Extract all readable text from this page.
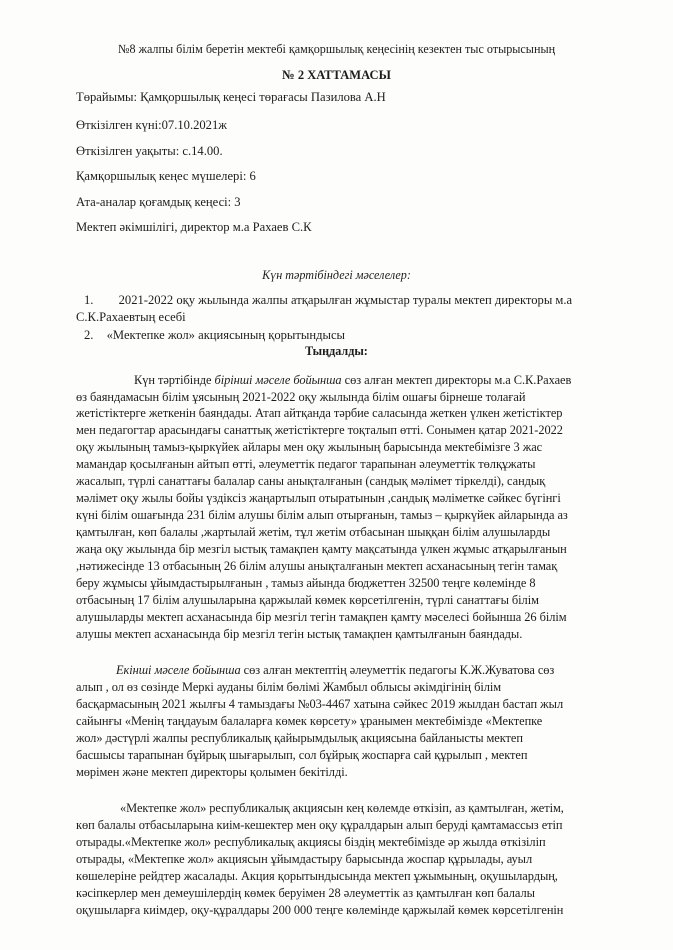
№8 жалпы білім беретін мектебі қамқоршылық кеңесінің кезектен тыс отырысының
№ 2 ХАТТАМАСЫ
Төрайымы: Қамқоршылық кеңесі төрағасы Пазилова А.Н
Өткізілген күні:07.10.2021ж
Өткізілген уақыты: с.14.00.
Қамқоршылық кеңес мүшелері: 6
Ата-аналар қоғамдық кеңесі: 3
Мектеп әкімшілігі, директор м.а Рахаев С.К
Күн тәртібіндегі мәселелер:
1. 2021-2022 оқу жылында жалпы атқарылған жұмыстар туралы мектеп директоры м.а
С.К.Рахаевтың есебі
2. «Мектепке жол» акциясының қорытындысы
Тыңдалды:
Күн тәртібінде бірінші мәселе бойынша сөз алған мектеп директоры м.а С.К.Рахаев
өз баяндамасын білім ұясының 2021-2022 оқу жылында білім ошағы бірнеше толағай
жетістіктерге жеткенін баяндады. Атап айтқанда тәрбие саласында жеткен үлкен жетістіктер
мен педагогтар арасындағы санаттық жетістіктерге тоқталып өтті. Сонымен қатар 2021-2022
оқу жылының тамыз-қыркүйек айлары мен оқу жылының барысында мектебімізге 3 жас
мамандар қосылғанын айтып өтті, әлеуметтік педагог тарапынан әлеуметтік төлқұжаты
жасалып, түрлі санаттағы балалар саны анықталғанын (сандық мәлімет тіркелді), сандық
мәлімет оқу жылы бойы үздіксіз жаңартылып отыратынын ,сандық мәліметке сәйкес бүгінгі
күні білім ошағында 231 білім алушы білім алып отырғанын, тамыз – қыркүйек айларында аз
қамтылған, көп балалы ,жартылай жетім, тұл жетім отбасынан шыққан білім алушыларды
жаңа оқу жылында бір мезгіл ыстық тамақпен қамту мақсатында үлкен жұмыс атқарылғанын
,нәтижесінде 13 отбасының 26 білім алушы анықталғанын мектеп асханасының тегін тамақ
беру жұмысы ұйымдастырылғанын , тамыз айында бюджеттен 32500 теңге көлемінде 8
отбасының 17 білім алушыларына қаржылай көмек көрсетілгенін, түрлі санаттағы білім
алушыларды мектеп асханасында бір мезгіл тегін тамақпен қамту мәселесі бойынша 26 білім
алушы мектеп асханасында бір мезгіл тегін ыстық тамақпен қамтылғанын баяндады.
Екінші мәселе бойынша сөз алған мектептің әлеуметтік педагогы К.Ж.Жуватова сөз
алып , ол өз сөзінде Меркі ауданы білім бөлімі Жамбыл облысы әкімдігінің білім
басқармасының 2021 жылғы 4 тамыздағы №03-4467 хатына сәйкес 2019 жылдан бастап жыл
сайынғы «Менің таңдауым балаларға көмек көрсету» ұранымен мектебімізде «Мектепке
жол» дәстүрлі жалпы республикалық қайырымдылық акциясына байланысты мектеп
басшысы тарапынан бұйрық шығарылып, сол бұйрық жоспарға сай құрылып , мектеп
мөрімен және мектеп директоры қолымен бекітілді.
«Мектепке жол» республикалық акциясын кең көлемде өткізіп, аз қамтылған, жетім,
көп балалы отбасыларына киім-кешектер мен оқу құралдарын алып беруді қамтамассыз етіп
отырады.«Мектепке жол» республикалық акциясы біздің мектебімізде әр жылда өткізіліп
отырады, «Мектепке жол» акциясын ұйымдастыру барысында жоспар құрылады, ауыл
көшелеріне рейдтер жасалады. Акция қорытындысында мектеп ұжымының, оқушылардың,
кәсіпкерлер мен демеушілердің көмек беруімен 28 әлеуметтік аз қамтылған көп балалы
оқушыларға киімдер, оқу-құралдары 200 000 теңге көлемінде қаржылай көмек көрсетілгенін
